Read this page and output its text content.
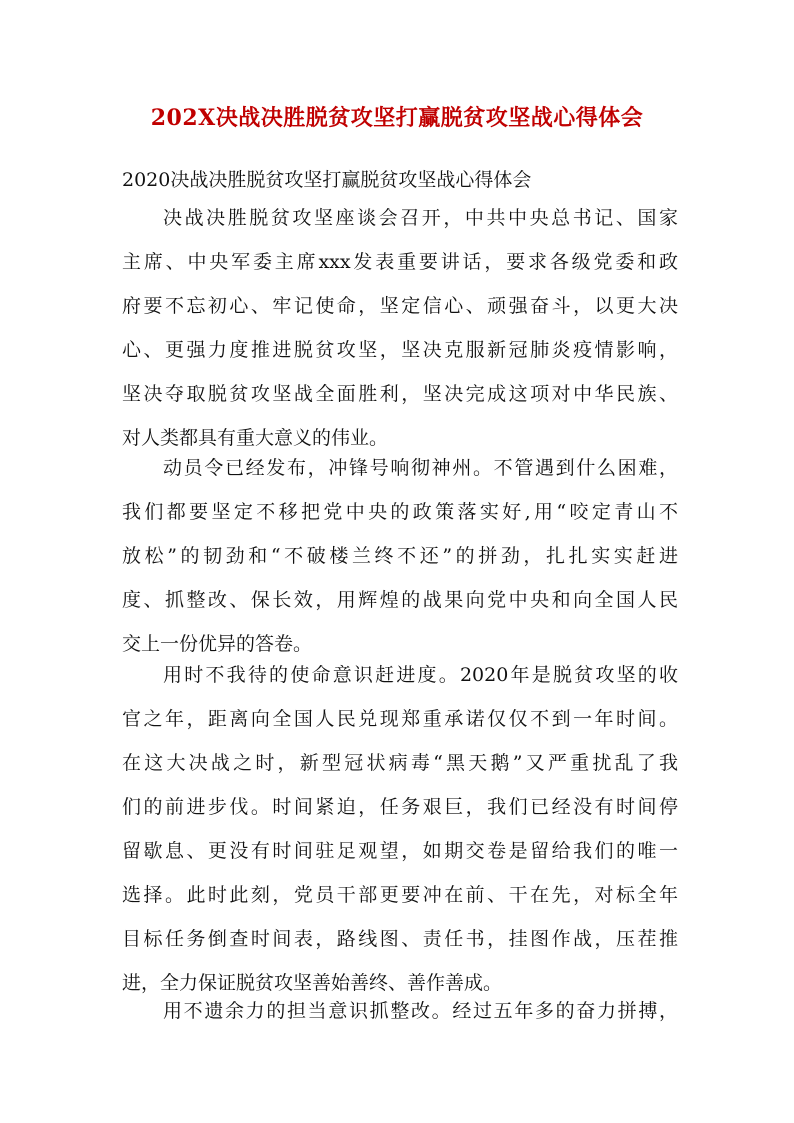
202X决战决胜脱贫攻坚打赢脱贫攻坚战心得体会
2020决战决胜脱贫攻坚打赢脱贫攻坚战心得体会
决战决胜脱贫攻坚座谈会召开，中共中央总书记、国家
主席、中央军委主席xxx发表重要讲话，要求各级党委和政
府要不忘初心、牢记使命，坚定信心、顽强奋斗，以更大决
心、更强力度推进脱贫攻坚，坚决克服新冠肺炎疫情影响，
坚决夺取脱贫攻坚战全面胜利，坚决完成这项对中华民族、
对人类都具有重大意义的伟业。
动员令已经发布，冲锋号响彻神州。不管遇到什么困难，
我们都要坚定不移把党中央的政策落实好,用“咬定青山不
放松”的韧劲和“不破楼兰终不还”的拼劲，扎扎实实赶进
度、抓整改、保长效，用辉煌的战果向党中央和向全国人民
交上一份优异的答卷。
用时不我待的使命意识赶进度。2020年是脱贫攻坚的收
官之年，距离向全国人民兑现郑重承诺仅仅不到一年时间。
在这大决战之时，新型冠状病毒“黑天鹅”又严重扰乱了我
们的前进步伐。时间紧迫，任务艰巨，我们已经没有时间停
留歇息、更没有时间驻足观望，如期交卷是留给我们的唯一
选择。此时此刻，党员干部更要冲在前、干在先，对标全年
目标任务倒查时间表，路线图、责任书，挂图作战，压茬推
进，全力保证脱贫攻坚善始善终、善作善成。
用不遗余力的担当意识抓整改。经过五年多的奋力拼搏，
